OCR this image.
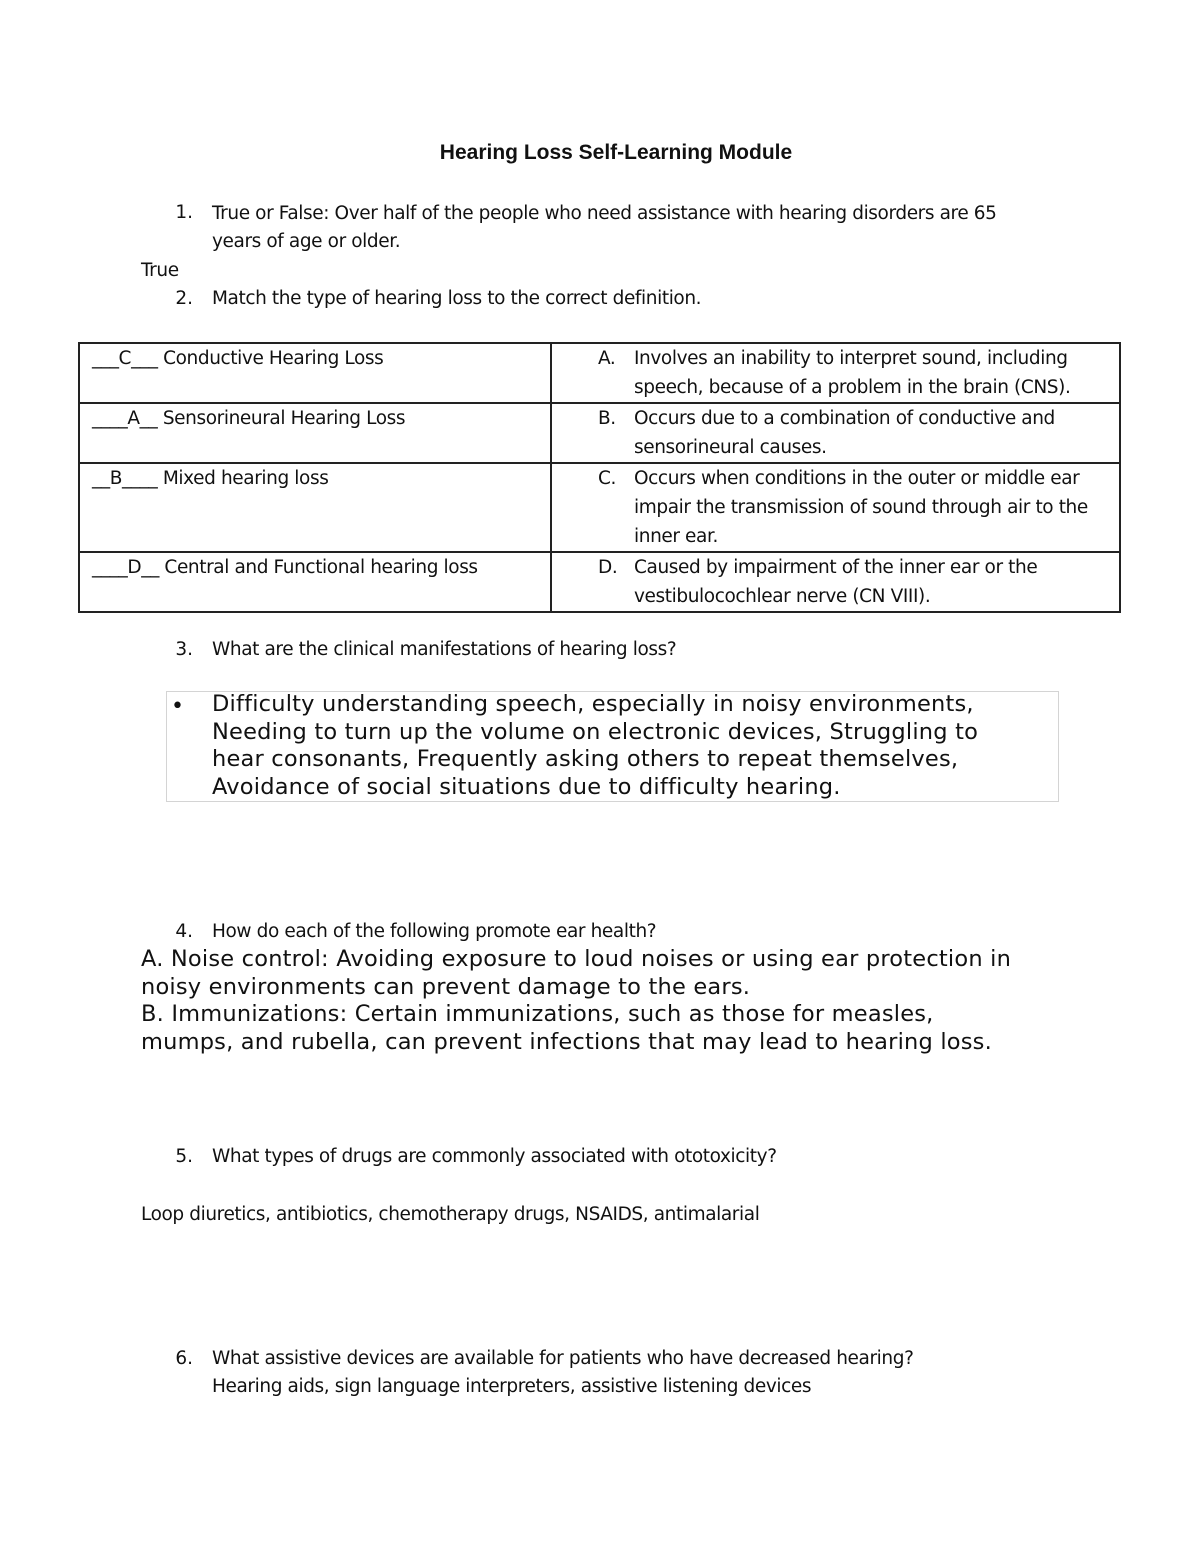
Hearing Loss Self-Learning Module
1. True or False: Over half of the people who need assistance with hearing disorders are 65
years of age or older.
True
2. Match the type of hearing loss to the correct definition.
___C___ Conductive Hearing Loss	A. Involves an inability to interpret sound, including
speech, because of a problem in the brain (CNS).

____A__ Sensorineural Hearing Loss	B. Occurs due to a combination of conductive and
sensorineural causes.

__B____ Mixed hearing loss	C. Occurs when conditions in the outer or middle ear
impair the transmission of sound through air to the
inner ear.

____D__ Central and Functional hearing loss	D. Caused by impairment of the inner ear or the
vestibulocochlear nerve (CN VIII).
3. What are the clinical manifestations of hearing loss?
• Difficulty understanding speech, especially in noisy environments,
Needing to turn up the volume on electronic devices, Struggling to
hear consonants, Frequently asking others to repeat themselves,
Avoidance of social situations due to difficulty hearing.
4. How do each of the following promote ear health?
A. Noise control: Avoiding exposure to loud noises or using ear protection in
noisy environments can prevent damage to the ears.
B. Immunizations: Certain immunizations, such as those for measles,
mumps, and rubella, can prevent infections that may lead to hearing loss.
5. What types of drugs are commonly associated with ototoxicity?
Loop diuretics, antibiotics, chemotherapy drugs, NSAIDS, antimalarial
6. What assistive devices are available for patients who have decreased hearing?
Hearing aids, sign language interpreters, assistive listening devices
